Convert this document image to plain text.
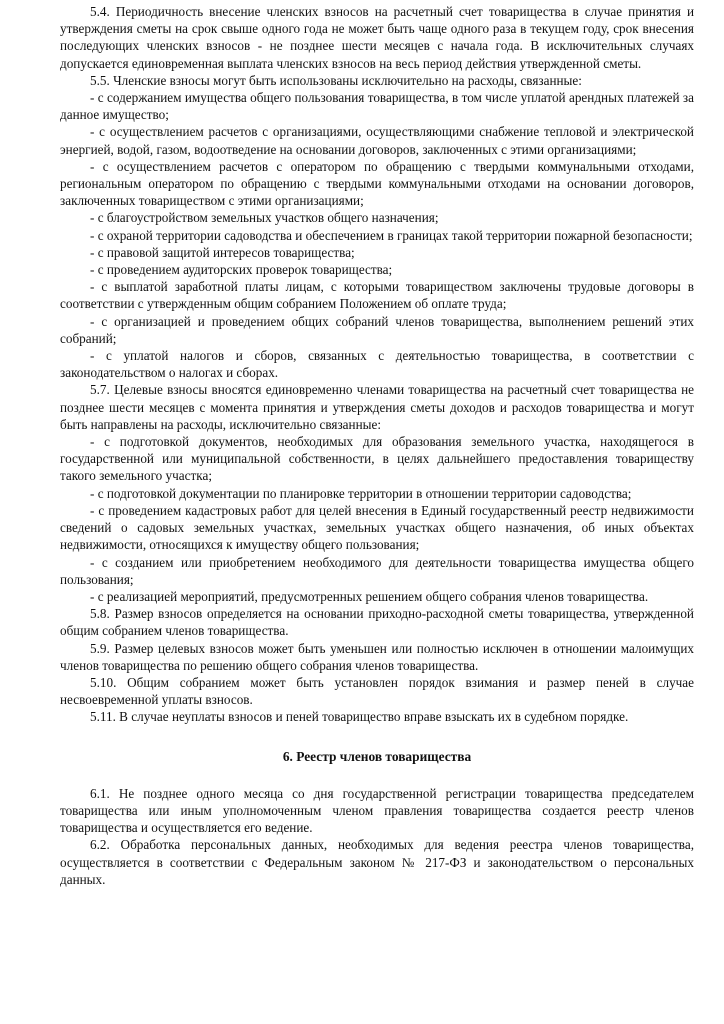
5.4. Периодичность внесение членских взносов на расчетный счет товарищества в случае принятия и утверждения сметы на срок свыше одного года не может быть чаще одного раза в текущем году, срок внесения последующих членских взносов - не позднее шести месяцев с начала года. В исключительных случаях допускается единовременная выплата членских взносов на весь период действия утвержденной сметы.

5.5. Членские взносы могут быть использованы исключительно на расходы, связанные:

- с содержанием имущества общего пользования товарищества, в том числе уплатой арендных платежей за данное имущество;

- с осуществлением расчетов с организациями, осуществляющими снабжение тепловой и электрической энергией, водой, газом, водоотведение на основании договоров, заключенных с этими организациями;

- с осуществлением расчетов с оператором по обращению с твердыми коммунальными отходами, региональным оператором по обращению с твердыми коммунальными отходами на основании договоров, заключенных товариществом с этими организациями;

- с благоустройством земельных участков общего назначения;

- с охраной территории садоводства и обеспечением в границах такой территории пожарной безопасности;

- с правовой защитой интересов товарищества;

- с проведением аудиторских проверок товарищества;

- с выплатой заработной платы лицам, с которыми товариществом заключены трудовые договоры в соответствии с утвержденным общим собранием Положением об оплате труда;

- с организацией и проведением общих собраний членов товарищества, выполнением решений этих собраний;

- с уплатой налогов и сборов, связанных с деятельностью товарищества, в соответствии с законодательством о налогах и сборах.

5.7. Целевые взносы вносятся единовременно членами товарищества на расчетный счет товарищества не позднее шести месяцев с момента принятия и утверждения сметы доходов и расходов товарищества и могут быть направлены на расходы, исключительно связанные:

- с подготовкой документов, необходимых для образования земельного участка, находящегося в государственной или муниципальной собственности, в целях дальнейшего предоставления товариществу такого земельного участка;

- с подготовкой документации по планировке территории в отношении территории садоводства;

- с проведением кадастровых работ для целей внесения в Единый государственный реестр недвижимости сведений о садовых земельных участках, земельных участках общего назначения, об иных объектах недвижимости, относящихся к имуществу общего пользования;

- с созданием или приобретением необходимого для деятельности товарищества имущества общего пользования;

- с реализацией мероприятий, предусмотренных решением общего собрания членов товарищества.

5.8. Размер взносов определяется на основании приходно-расходной сметы товарищества, утвержденной общим собранием членов товарищества.

5.9. Размер целевых взносов может быть уменьшен или полностью исключен в отношении малоимущих членов товарищества по решению общего собрания членов товарищества.

5.10. Общим собранием может быть установлен порядок взимания и размер пеней в случае несвоевременной уплаты взносов.

5.11. В случае неуплаты взносов и пеней товарищество вправе взыскать их в судебном порядке.

6. Реестр членов товарищества

6.1. Не позднее одного месяца со дня государственной регистрации товарищества председателем товарищества или иным уполномоченным членом правления товарищества создается реестр членов товарищества и осуществляется его ведение.

6.2. Обработка персональных данных, необходимых для ведения реестра членов товарищества, осуществляется в соответствии с Федеральным законом № 217-ФЗ и законодательством о персональных данных.
